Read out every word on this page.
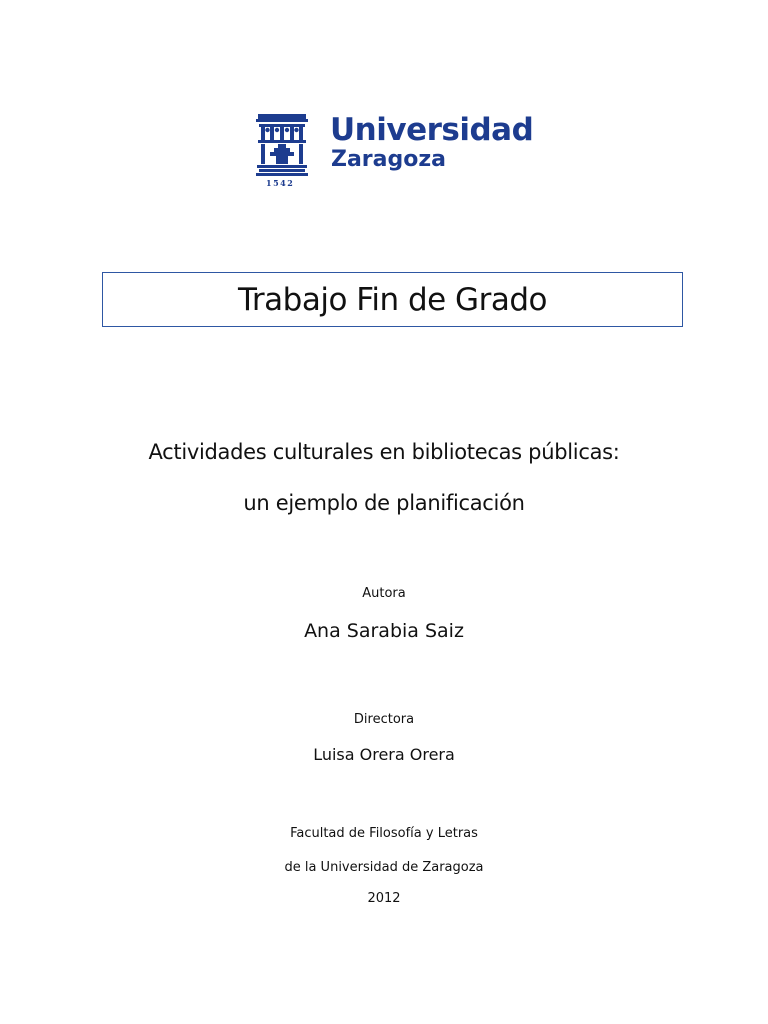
Universidad
Zaragoza
1542
Trabajo Fin de Grado
Actividades culturales en bibliotecas públicas:
un ejemplo de planificación
Autora
Ana Sarabia Saiz
Directora
Luisa Orera Orera
Facultad de Filosofía y Letras
de la Universidad de Zaragoza
2012
